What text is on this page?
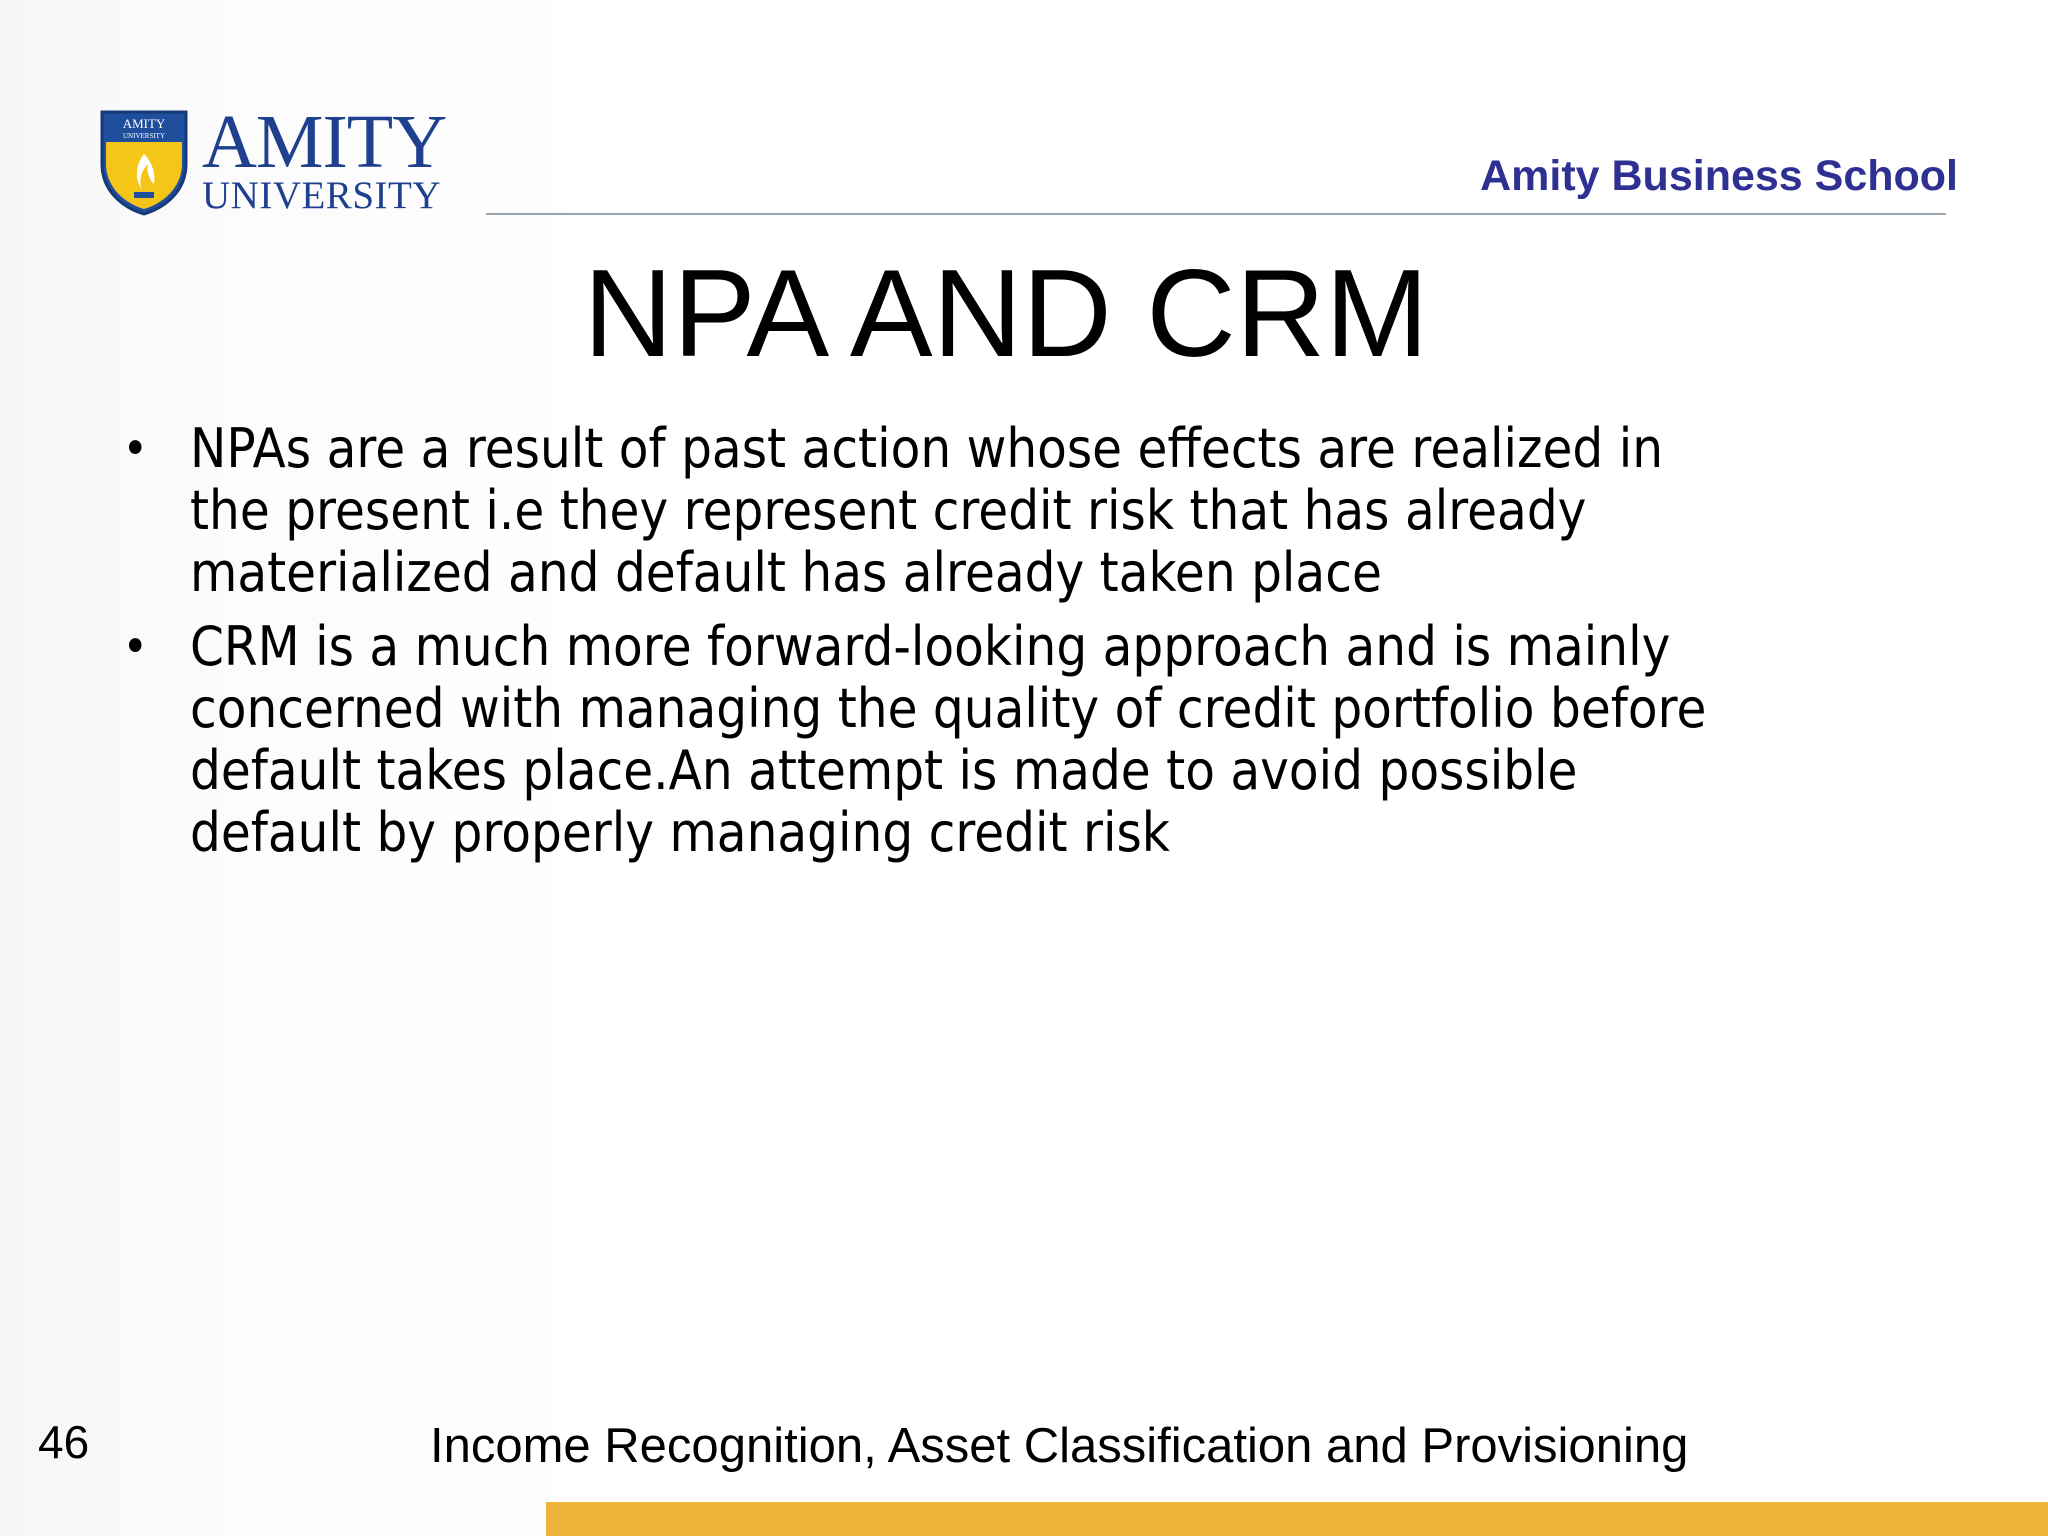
AMITY
UNIVERSITY AMITY
UNIVERSITY	Amity Business School
NPA AND CRM
• NPAs are a result of past action whose effects are realized in the present i.e they represent credit risk that has already materialized and default has already taken place
• CRM is a much more forward-looking approach and is mainly concerned with managing the quality of credit portfolio before default takes place.An attempt is made to avoid possible default by properly managing credit risk
46	Income Recognition, Asset Classification and Provisioning
